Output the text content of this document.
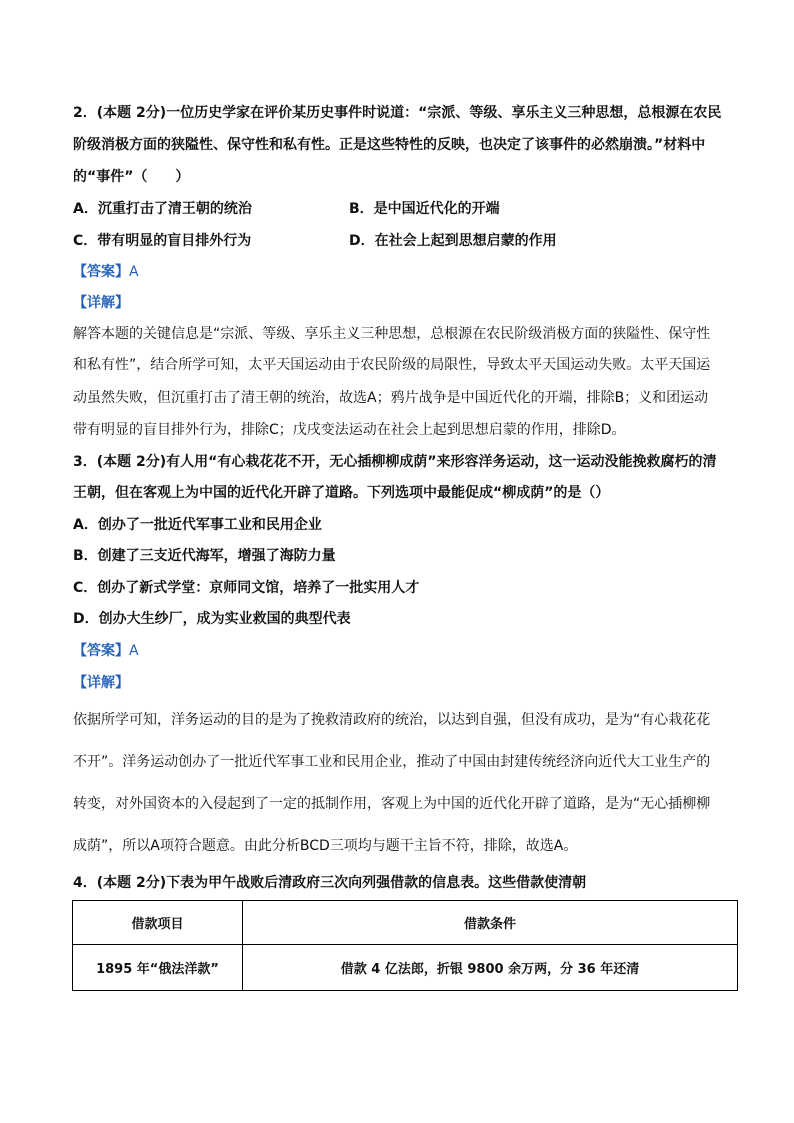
2．(本题 2分)一位历史学家在评价某历史事件时说道：“宗派、等级、享乐主义三种思想，总根源在农民
阶级消极方面的狭隘性、保守性和私有性。正是这些特性的反映，也决定了该事件的必然崩溃。”材料中
的“事件”（　　）
A．沉重打击了清王朝的统治	B．是中国近代化的开端
C．带有明显的盲目排外行为	D．在社会上起到思想启蒙的作用
【答案】A
【详解】
解答本题的关键信息是“宗派、等级、享乐主义三种思想，总根源在农民阶级消极方面的狭隘性、保守性
和私有性”，结合所学可知，太平天国运动由于农民阶级的局限性，导致太平天国运动失败。太平天国运
动虽然失败，但沉重打击了清王朝的统治，故选A；鸦片战争是中国近代化的开端，排除B；义和团运动
带有明显的盲目排外行为，排除C；戊戌变法运动在社会上起到思想启蒙的作用，排除D。
3．(本题 2分)有人用“有心栽花花不开，无心插柳柳成荫”来形容洋务运动，这一运动没能挽救腐朽的清
王朝，但在客观上为中国的近代化开辟了道路。下列选项中最能促成“柳成荫”的是（）
A．创办了一批近代军事工业和民用企业
B．创建了三支近代海军，增强了海防力量
C．创办了新式学堂：京师同文馆，培养了一批实用人才
D．创办大生纱厂，成为实业救国的典型代表
【答案】A
【详解】
依据所学可知，洋务运动的目的是为了挽救清政府的统治，以达到自强，但没有成功，是为“有心栽花花
不开”。洋务运动创办了一批近代军事工业和民用企业，推动了中国由封建传统经济向近代大工业生产的
转变，对外国资本的入侵起到了一定的抵制作用，客观上为中国的近代化开辟了道路，是为“无心插柳柳
成荫”，所以A项符合题意。由此分析BCD三项均与题干主旨不符，排除，故选A。
4．(本题 2分)下表为甲午战败后清政府三次向列强借款的信息表。这些借款使清朝
借款项目	借款条件
1895 年“俄法洋款”	借款 4 亿法郎，折银 9800 余万两，分 36 年还清
